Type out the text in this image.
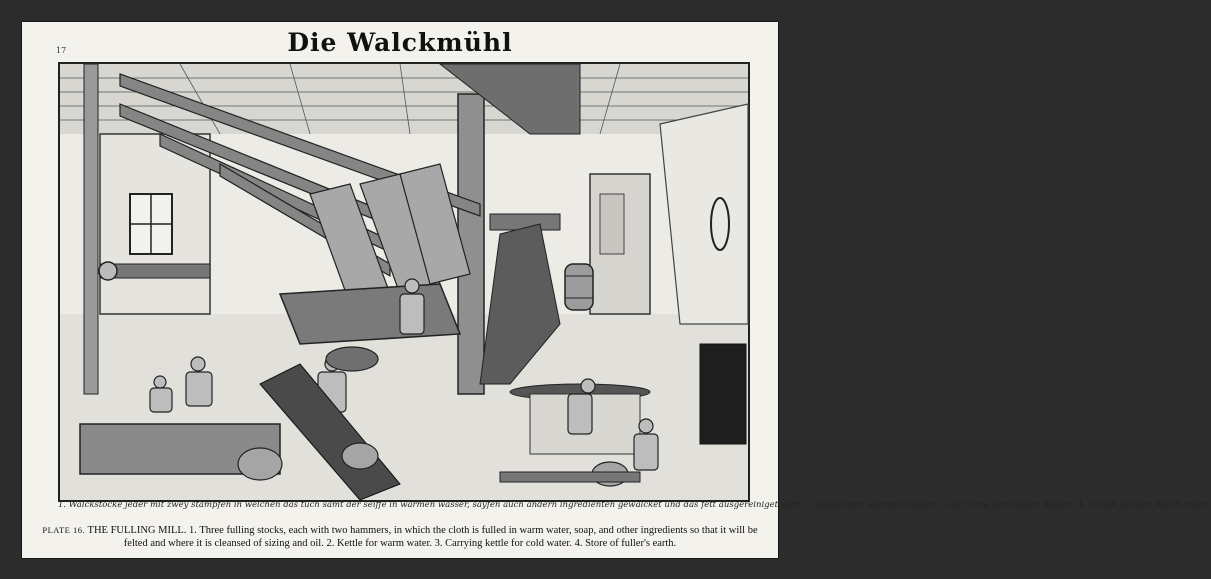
Die Walckmühl
17
1. Walckstöcke jeder mit zwey stampfen in welchen das tuch samt der seiffe in warmen wasser, sayfen auch andern ingredienten gewalcket und das fett ausgereiniget wird. 2. Kessel zum warmen Wasser. 3. der Trog zum kalten Wasser. 4. Vorath von der Walck erden.
PLATE 16. THE FULLING MILL. 1. Three fulling stocks, each with two hammers, in which the cloth is fulled in warm water, soap, and other ingredients so that it will be felted and where it is cleansed of sizing and oil. 2. Kettle for warm water. 3. Carrying kettle for cold water. 4. Store of fuller's earth.
